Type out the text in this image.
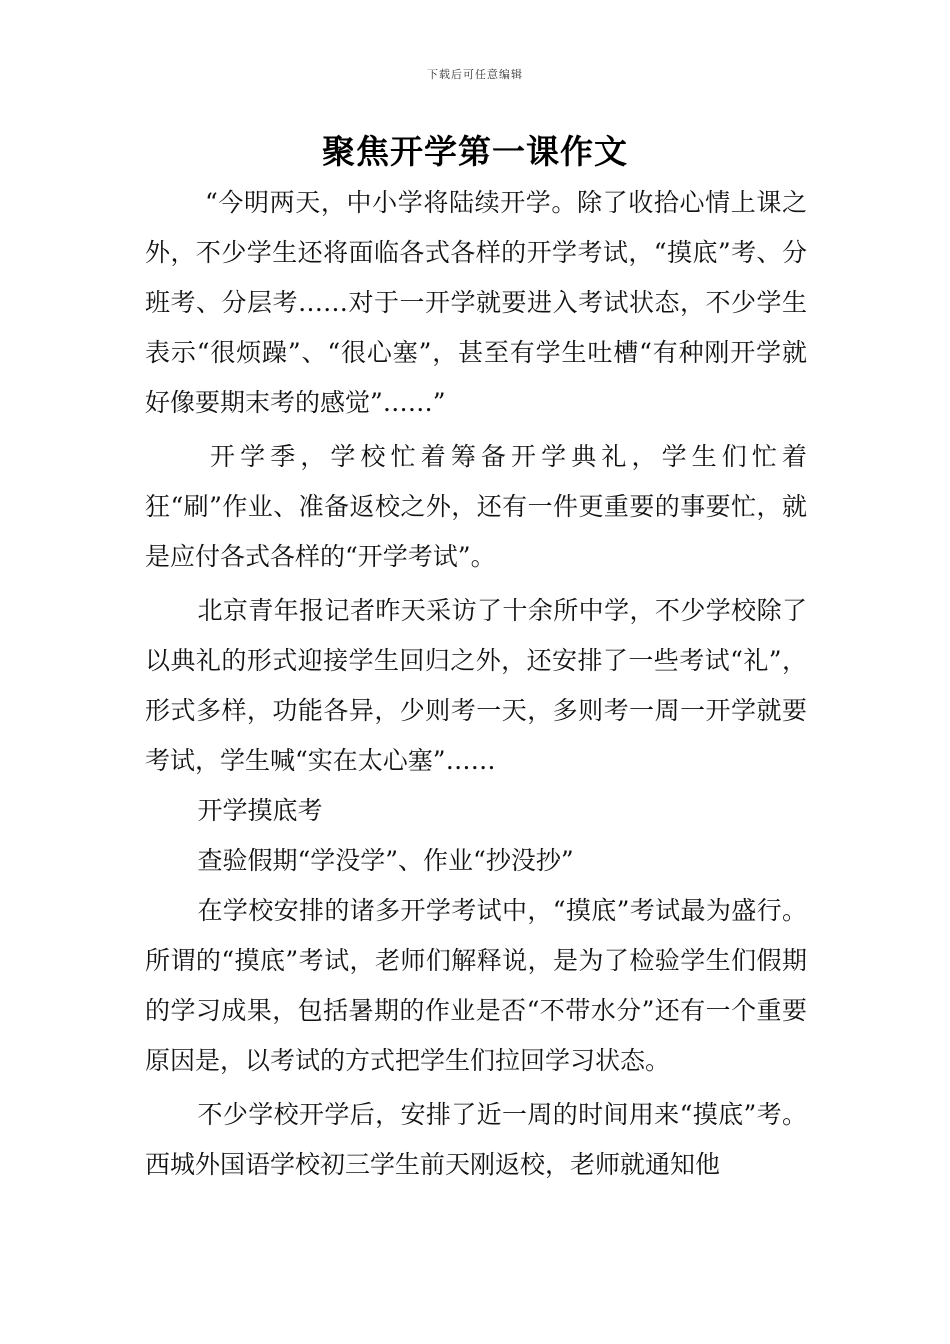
下载后可任意编辑
聚焦开学第一课作文

“今明两天，中小学将陆续开学。除了收拾心情上课之外，不少学生还将面临各式各样的开学考试，“摸底”考、分班考、分层考……对于一开学就要进入考试状态，不少学生表示“很烦躁”、“很心塞”，甚至有学生吐槽“有种刚开学就好像要期末考的感觉”……”

开学季，学校忙着筹备开学典礼，学生们忙着狂“刷”作业、准备返校之外，还有一件更重要的事要忙，就是应付各式各样的“开学考试”。

北京青年报记者昨天采访了十余所中学，不少学校除了以典礼的形式迎接学生回归之外，还安排了一些考试“礼”，形式多样，功能各异，少则考一天，多则考一周一开学就要考试，学生喊“实在太心塞”……

开学摸底考

查验假期“学没学”、作业“抄没抄”

在学校安排的诸多开学考试中，“摸底”考试最为盛行。所谓的“摸底”考试，老师们解释说，是为了检验学生们假期的学习成果，包括暑期的作业是否“不带水分”还有一个重要原因是，以考试的方式把学生们拉回学习状态。

不少学校开学后，安排了近一周的时间用来“摸底”考。西城外国语学校初三学生前天刚返校，老师就通知他
